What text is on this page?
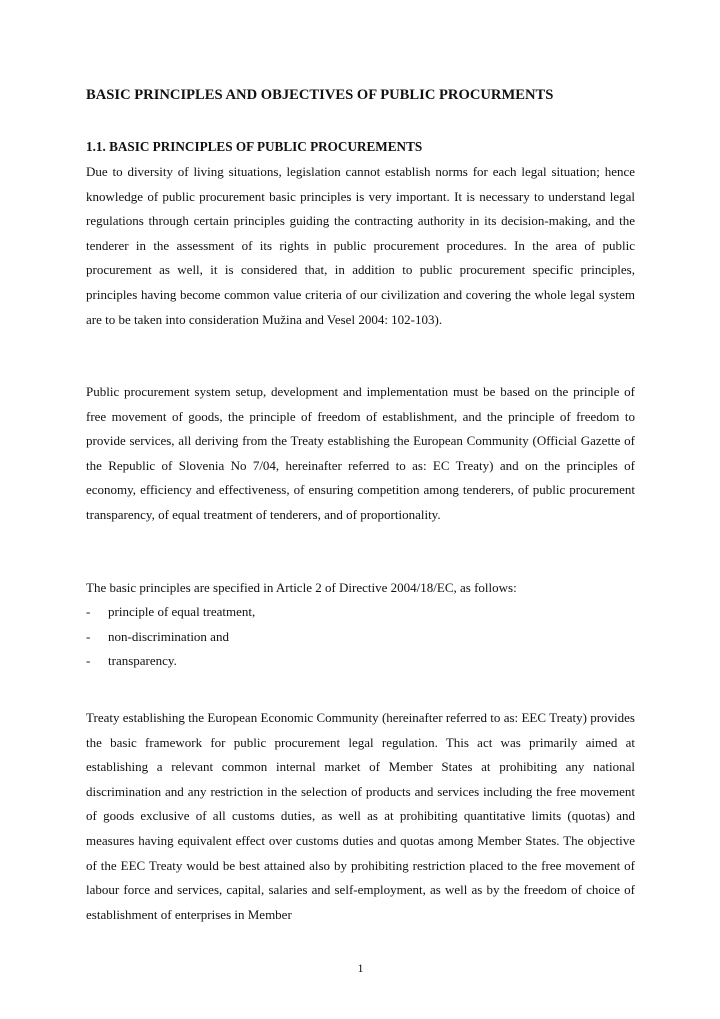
BASIC PRINCIPLES AND OBJECTIVES OF PUBLIC PROCURMENTS
1.1. BASIC PRINCIPLES OF PUBLIC PROCUREMENTS

Due to diversity of living situations, legislation cannot establish norms for each legal situation; hence knowledge of public procurement basic principles is very important. It is necessary to understand legal regulations through certain principles guiding the contracting authority in its decision-making, and the tenderer in the assessment of its rights in public procurement procedures. In the area of public procurement as well, it is considered that, in addition to public procurement specific principles, principles having become common value criteria of our civilization and covering the whole legal system are to be taken into consideration Mužina and Vesel 2004: 102-103).

Public procurement system setup, development and implementation must be based on the principle of free movement of goods, the principle of freedom of establishment, and the principle of freedom to provide services, all deriving from the Treaty establishing the European Community (Official Gazette of the Republic of Slovenia No 7/04, hereinafter referred to as: EC Treaty) and on the principles of economy, efficiency and effectiveness, of ensuring competition among tenderers, of public procurement transparency, of equal treatment of tenderers, and of proportionality.

The basic principles are specified in Article 2 of Directive 2004/18/EC, as follows:

- principle of equal treatment,
- non-discrimination and
- transparency.

Treaty establishing the European Economic Community (hereinafter referred to as: EEC Treaty) provides the basic framework for public procurement legal regulation. This act was primarily aimed at establishing a relevant common internal market of Member States at prohibiting any national discrimination and any restriction in the selection of products and services including the free movement of goods exclusive of all customs duties, as well as at prohibiting quantitative limits (quotas) and measures having equivalent effect over customs duties and quotas among Member States. The objective of the EEC Treaty would be best attained also by prohibiting restriction placed to the free movement of labour force and services, capital, salaries and self-employment, as well as by the freedom of choice of establishment of enterprises in Member

1
